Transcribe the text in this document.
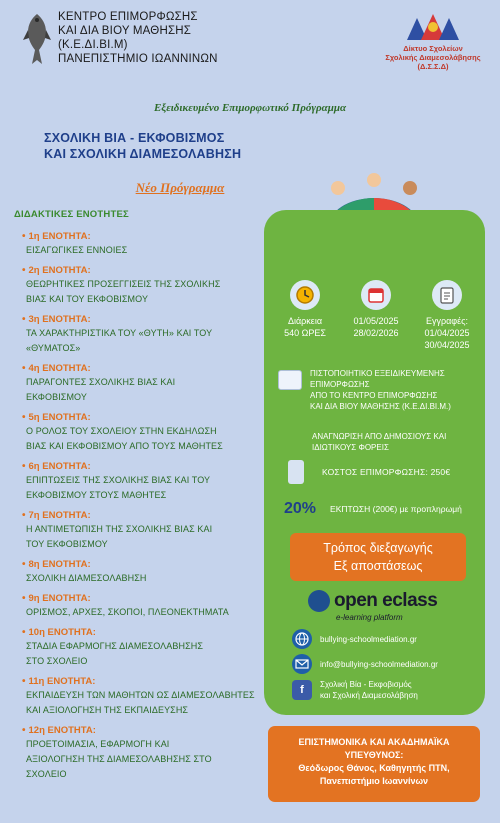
ΚΕΝΤΡΟ ΕΠΙΜΟΡΦΩΣΗΣ
ΚΑΙ ΔΙΑ ΒΙΟΥ ΜΑΘΗΣΗΣ
(Κ.Ε.ΔΙ.ΒΙ.Μ)
ΠΑΝΕΠΙΣΤΗΜΙΟ ΙΩΑΝΝΙΝΩΝ
Δίκτυο Σχολείων
Σχολικής Διαμεσολάβησης
(Δ.Σ.Σ.Δ)
Εξειδικευμένο Επιμορφωτικό Πρόγραμμα
ΣΧΟΛΙΚΗ ΒΙΑ - ΕΚΦΟΒΙΣΜΟΣ
ΚΑΙ ΣΧΟΛΙΚΗ ΔΙΑΜΕΣΟΛΑΒΗΣΗ
Νέο Πρόγραμμα
ΔΙΔΑΚΤΙΚΕΣ ΕΝΟΤΗΤΕΣ
• 1η ΕΝΟΤΗΤΑ:
ΕΙΣΑΓΩΓΙΚΕΣ ΕΝΝΟΙΕΣ
• 2η ΕΝΟΤΗΤΑ:
ΘΕΩΡΗΤΙΚΕΣ ΠΡΟΣΕΓΓΙΣΕΙΣ ΤΗΣ ΣΧΟΛΙΚΗΣ
ΒΙΑΣ ΚΑΙ ΤΟΥ ΕΚΦΟΒΙΣΜΟΥ
• 3η ΕΝΟΤΗΤΑ:
ΤΑ ΧΑΡΑΚΤΗΡΙΣΤΙΚΑ ΤΟΥ «ΘΥΤΗ» ΚΑΙ ΤΟΥ
«ΘΥΜΑΤΟΣ»
• 4η ΕΝΟΤΗΤΑ:
ΠΑΡΑΓΟΝΤΕΣ ΣΧΟΛΙΚΗΣ ΒΙΑΣ ΚΑΙ
ΕΚΦΟΒΙΣΜΟΥ
• 5η ΕΝΟΤΗΤΑ:
Ο ΡΟΛΟΣ ΤΟΥ ΣΧΟΛΕΙΟΥ ΣΤΗΝ ΕΚΔΗΛΩΣΗ
ΒΙΑΣ ΚΑΙ ΕΚΦΟΒΙΣΜΟΥ ΑΠΟ ΤΟΥΣ ΜΑΘΗΤΕΣ
• 6η ΕΝΟΤΗΤΑ:
ΕΠΙΠΤΩΣΕΙΣ ΤΗΣ ΣΧΟΛΙΚΗΣ ΒΙΑΣ ΚΑΙ ΤΟΥ
ΕΚΦΟΒΙΣΜΟΥ ΣΤΟΥΣ ΜΑΘΗΤΕΣ
• 7η ΕΝΟΤΗΤΑ:
Η ΑΝΤΙΜΕΤΩΠΙΣΗ ΤΗΣ ΣΧΟΛΙΚΗΣ ΒΙΑΣ ΚΑΙ
ΤΟΥ ΕΚΦΟΒΙΣΜΟΥ
• 8η ΕΝΟΤΗΤΑ:
ΣΧΟΛΙΚΗ ΔΙΑΜΕΣΟΛΑΒΗΣΗ
• 9η ΕΝΟΤΗΤΑ:
ΟΡΙΣΜΟΣ, ΑΡΧΕΣ, ΣΚΟΠΟΙ, ΠΛΕΟΝΕΚΤΗΜΑΤΑ
• 10η ΕΝΟΤΗΤΑ:
ΣΤΑΔΙΑ ΕΦΑΡΜΟΓΗΣ ΔΙΑΜΕΣΟΛΑΒΗΣΗΣ
ΣΤΟ ΣΧΟΛΕΙΟ
• 11η ΕΝΟΤΗΤΑ:
ΕΚΠΑΙΔΕΥΣΗ ΤΩΝ ΜΑΘΗΤΩΝ ΩΣ ΔΙΑΜΕΣΟΛΑΒΗΤΕΣ
ΚΑΙ ΑΞΙΟΛΟΓΗΣΗ ΤΗΣ ΕΚΠΑΙΔΕΥΣΗΣ
• 12η ΕΝΟΤΗΤΑ:
ΠΡΟΕΤΟΙΜΑΣΙΑ, ΕΦΑΡΜΟΓΗ ΚΑΙ
ΑΞΙΟΛΟΓΗΣΗ ΤΗΣ ΔΙΑΜΕΣΟΛΑΒΗΣΗΣ ΣΤΟ
ΣΧΟΛΕΙΟ
Διάρκεια
540 ΩΡΕΣ
01/05/2025
28/02/2026
Εγγραφές:
01/04/2025
30/04/2025
ΠΙΣΤΟΠΟΙΗΤΙΚΟ ΕΞΕΙΔΙΚΕΥΜΕΝΗΣ
ΕΠΙΜΟΡΦΩΣΗΣ
ΑΠΟ ΤΟ ΚΕΝΤΡΟ ΕΠΙΜΟΡΦΩΣΗΣ
ΚΑΙ ΔΙΑ ΒΙΟΥ ΜΑΘΗΣΗΣ (Κ.Ε.ΔΙ.ΒΙ.Μ.)
ΑΝΑΓΝΩΡΙΣΗ ΑΠΟ ΔΗΜΟΣΙΟΥΣ ΚΑΙ
ΙΔΙΩΤΙΚΟΥΣ ΦΟΡΕΙΣ
ΚΟΣΤΟΣ ΕΠΙΜΟΡΦΩΣΗΣ: 250€
20% ΕΚΠΤΩΣΗ (200€) με προπληρωμή
Τρόπος διεξαγωγής
Εξ αποστάσεως
open eclass
e-learning platform
bullying-schoolmediation.gr
info@bullying-schoolmediation.gr
f	Σχολική Βία - Εκφοβισμός
και Σχολική Διαμεσολάβηση
ΕΠΙΣΤΗΜΟΝΙΚΑ ΚΑΙ ΑΚΑΔΗΜΑΪΚΑ
ΥΠΕΥΘΥΝΟΣ:
Θεόδωρος Θάνος, Καθηγητής ΠΤΝ,
Πανεπιστήμιο Ιωαννίνων
